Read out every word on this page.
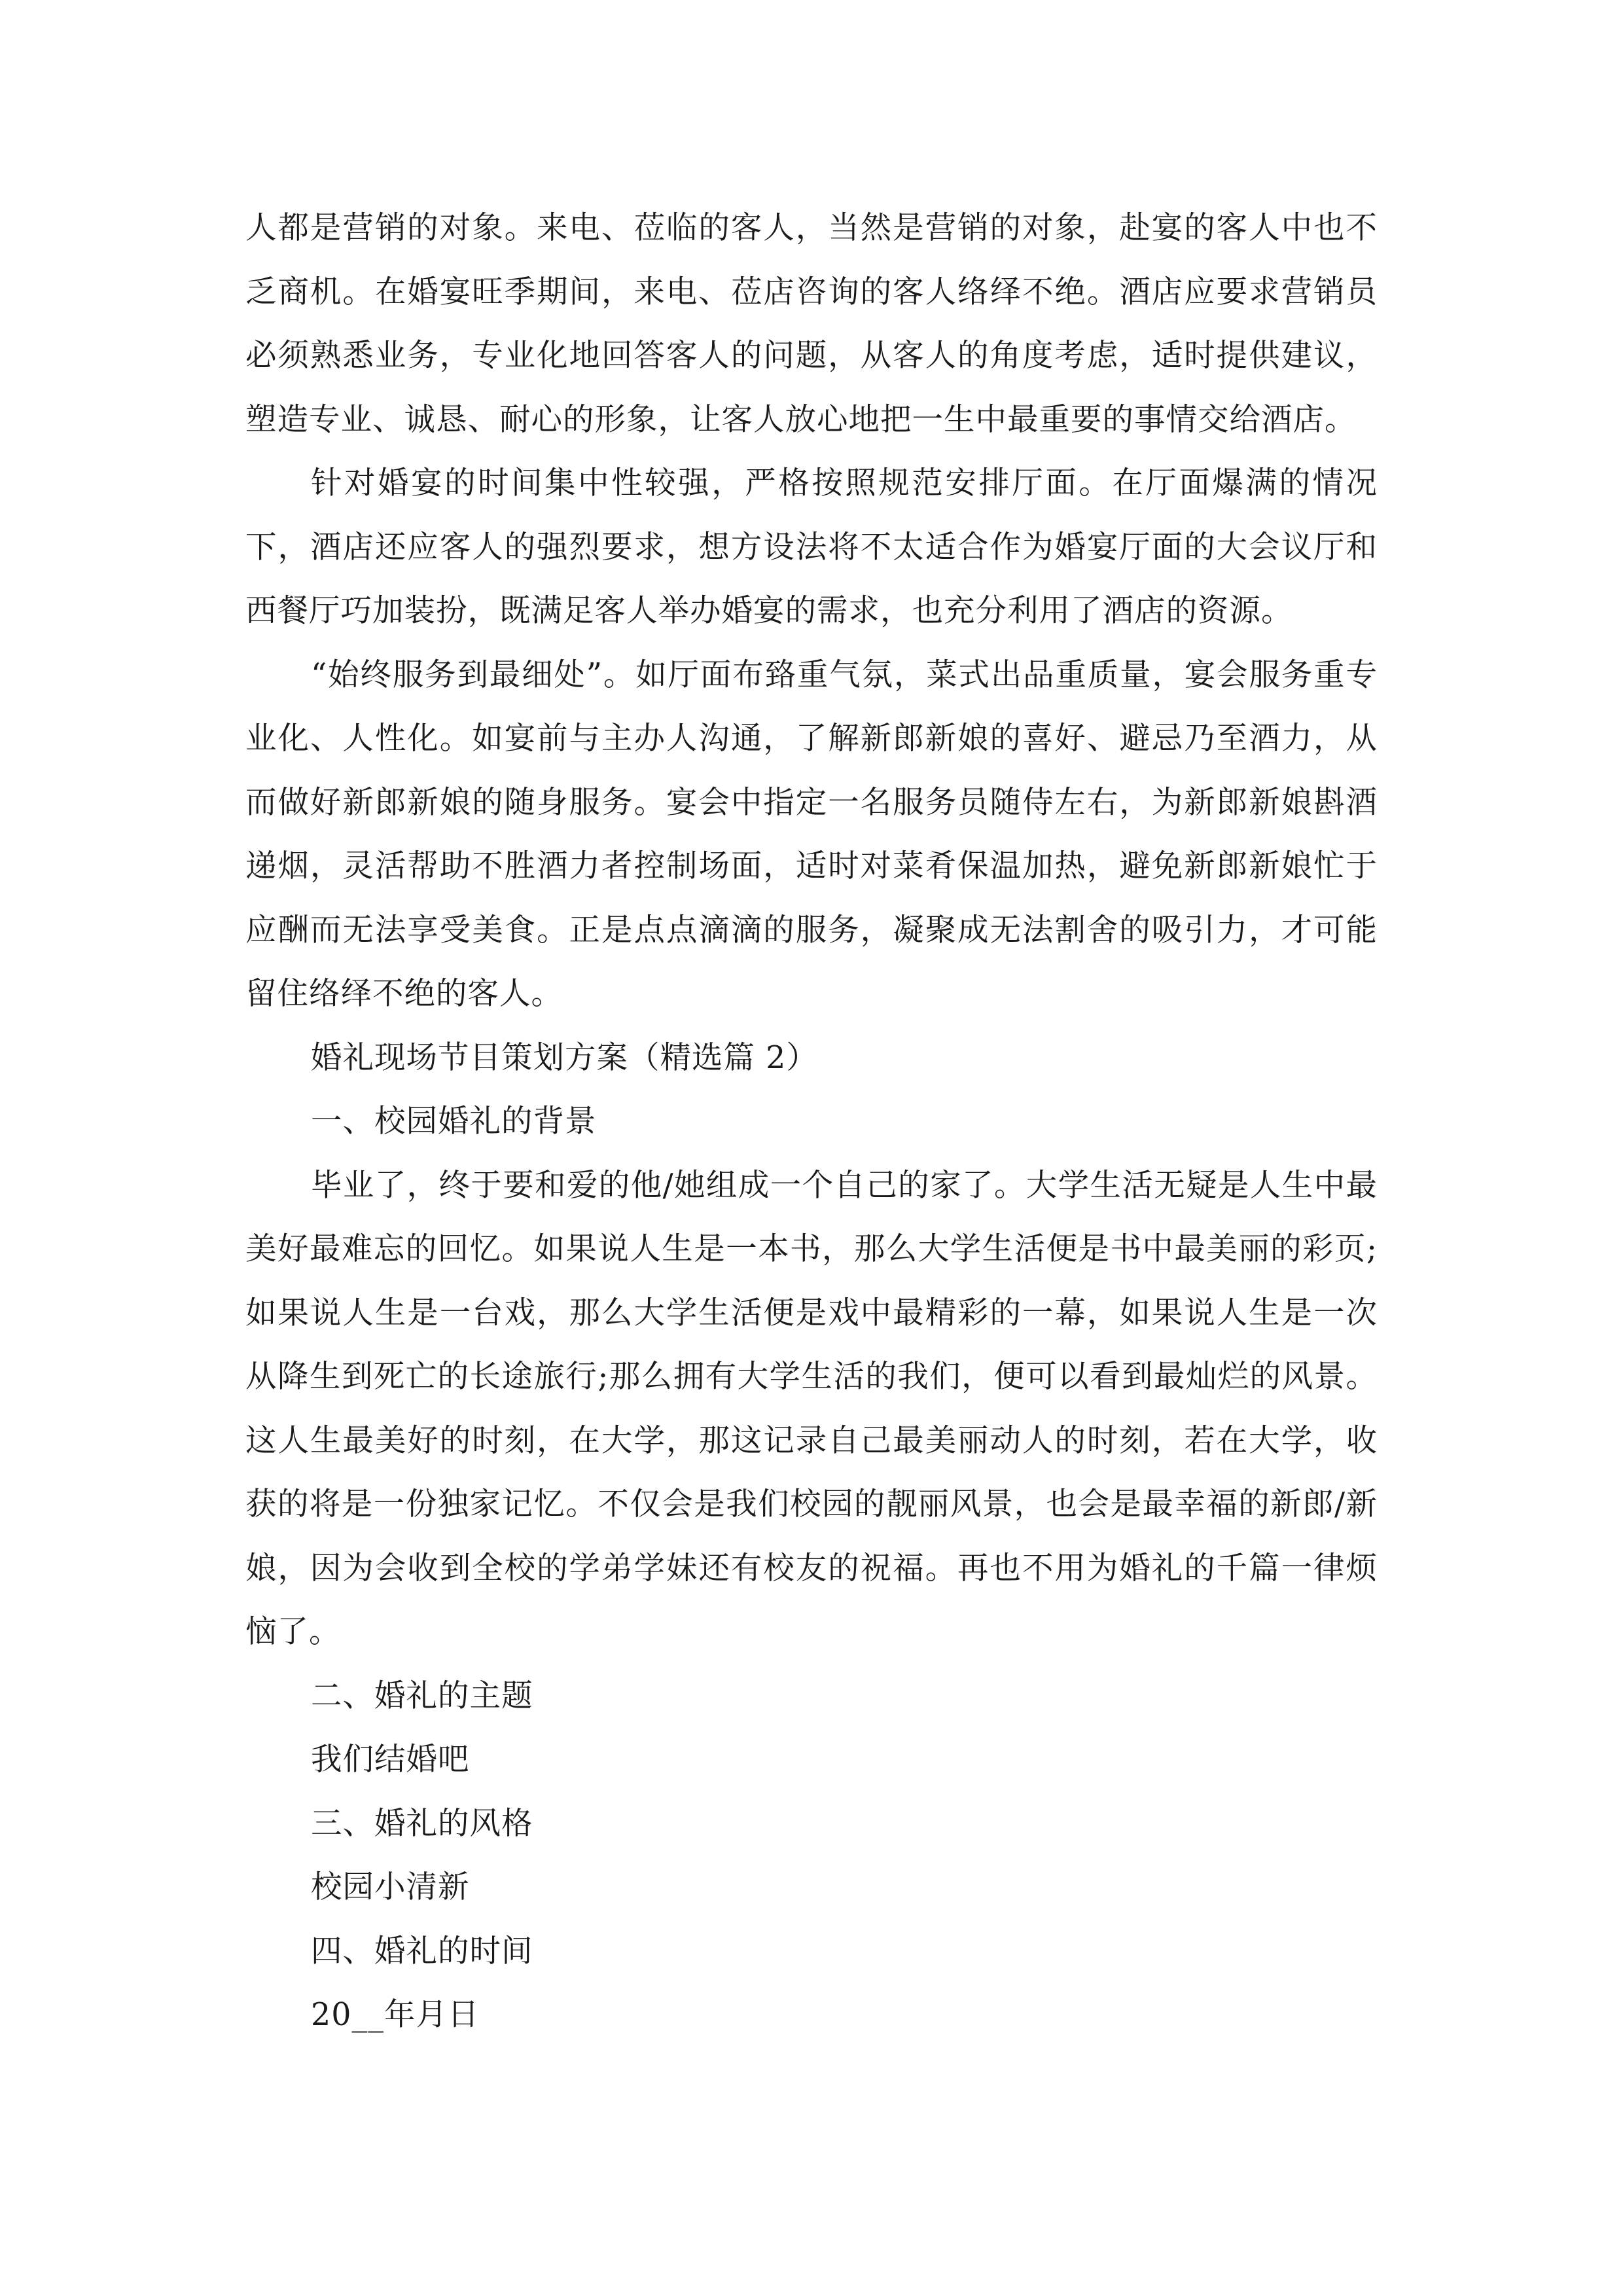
人都是营销的对象。来电、莅临的客人，当然是营销的对象，赴宴的客人中也不乏商机。在婚宴旺季期间，来电、莅店咨询的客人络绎不绝。酒店应要求营销员必须熟悉业务，专业化地回答客人的问题，从客人的角度考虑，适时提供建议，塑造专业、诚恳、耐心的形象，让客人放心地把一生中最重要的事情交给酒店。

针对婚宴的时间集中性较强，严格按照规范安排厅面。在厅面爆满的情况下，酒店还应客人的强烈要求，想方设法将不太适合作为婚宴厅面的大会议厅和西餐厅巧加装扮，既满足客人举办婚宴的需求，也充分利用了酒店的资源。

“始终服务到最细处”。如厅面布臵重气氛，菜式出品重质量，宴会服务重专业化、人性化。如宴前与主办人沟通，了解新郎新娘的喜好、避忌乃至酒力，从而做好新郎新娘的随身服务。宴会中指定一名服务员随侍左右，为新郎新娘斟酒递烟，灵活帮助不胜酒力者控制场面，适时对菜肴保温加热，避免新郎新娘忙于应酬而无法享受美食。正是点点滴滴的服务，凝聚成无法割舍的吸引力，才可能留住络绎不绝的客人。

婚礼现场节目策划方案（精选篇 2）

一、校园婚礼的背景

毕业了，终于要和爱的他/她组成一个自己的家了。大学生活无疑是人生中最美好最难忘的回忆。如果说人生是一本书，那么大学生活便是书中最美丽的彩页;如果说人生是一台戏，那么大学生活便是戏中最精彩的一幕，如果说人生是一次从降生到死亡的长途旅行;那么拥有大学生活的我们，便可以看到最灿烂的风景。这人生最美好的时刻，在大学，那这记录自己最美丽动人的时刻，若在大学，收获的将是一份独家记忆。不仅会是我们校园的靓丽风景，也会是最幸福的新郎/新娘，因为会收到全校的学弟学妹还有校友的祝福。再也不用为婚礼的千篇一律烦恼了。

二、婚礼的主题

我们结婚吧

三、婚礼的风格

校园小清新

四、婚礼的时间

20__年月日
